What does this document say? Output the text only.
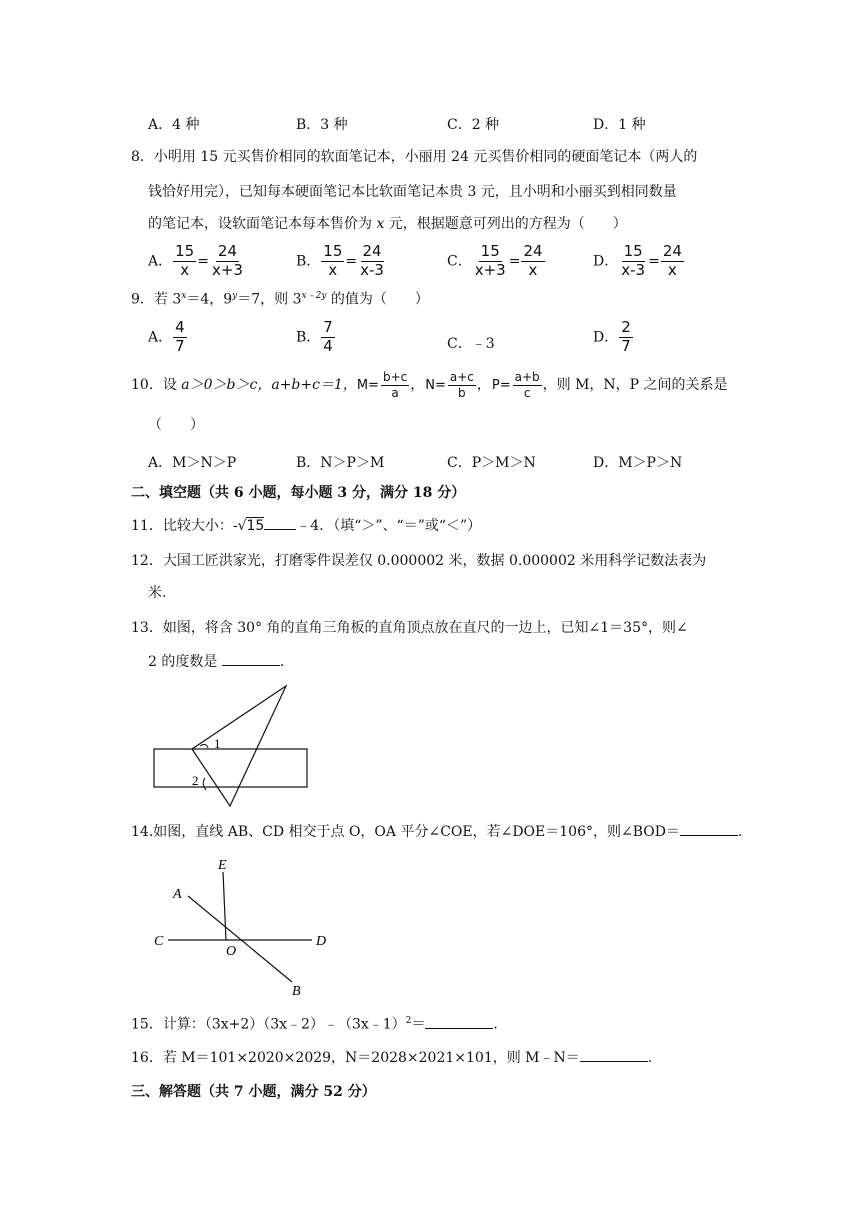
A．4 种	B．3 种	C．2 种	D．1 种
8．小明用 15 元买售价相同的软面笔记本，小丽用 24 元买售价相同的硬面笔记本（两人的
钱恰好用完），已知每本硬面笔记本比软面笔记本贵 3 元，且小明和小丽买到相同数量
的笔记本，设软面笔记本每本售价为 x 元，根据题意可列出的方程为（　　）
A． $\frac{15}{x} = \frac{24}{x+3}$	B． $\frac{15}{x} = \frac{24}{x-3}$	C． $\frac{15}{x+3} = \frac{24}{x}$	D． $\frac{15}{x-3} = \frac{24}{x}$
9．若 $3^x=4$，$9^y=7$，则 $3^{x﹣2y}$ 的值为（　　）
A． $\frac{4}{7}$	B． $\frac{7}{4}$	C．﹣3	D． $\frac{2}{7}$
10．设 a＞0＞b＞c，a+b+c＝1， $M= \frac{b+c}{a}$ ， $N= \frac{a+c}{b}$ ， $P= \frac{a+b}{c}$ ，则 M，N，P 之间的关系是
（　　）
A．M＞N＞P	B．N＞P＞M	C．P＞M＞N	D．M＞P＞N
二、填空题（共 6 小题，每小题 3 分，满分 18 分）
11．比较大小：-√15 ﹣4．（填“＞”、“＝”或“＜”）
12．大国工匠洪家光，打磨零件误差仅 0.000002 米，数据 0.000002 米用科学记数法表为
米.
13．如图，将含 30° 角的直角三角板的直角顶点放在直尺的一边上，已知∠1＝35°，则∠
2 的度数是	.
1
2
14.如图，直线 AB、CD 相交于点 O，OA 平分∠COE，若∠DOE＝106°，则∠BOD＝	.
A
B
C	D
E
O
15．计算：（3x+2）（3x﹣2）﹣（3x﹣1）$^2$＝	.
16．若 M＝101×2020×2029，N＝2028×2021×101，则 M﹣N＝	.
三、解答题（共 7 小题，满分 52 分）
